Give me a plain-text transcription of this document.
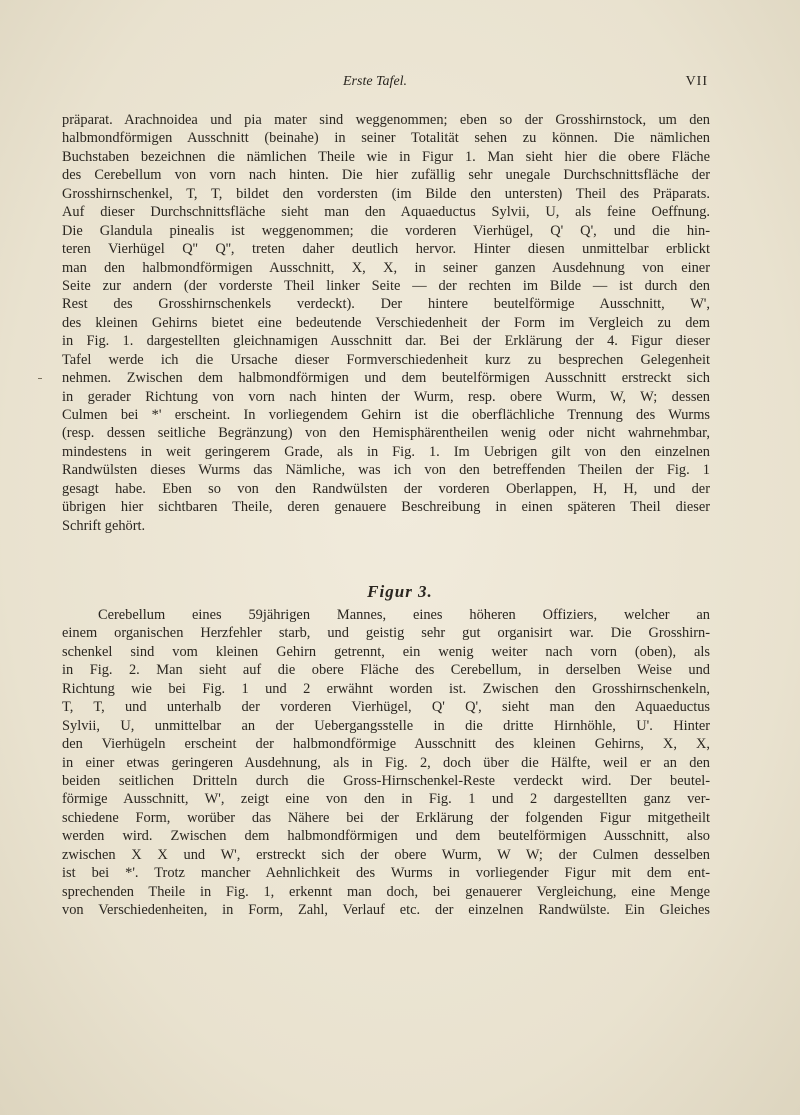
Erste Tafel.	VII
präparat. Arachnoidea und pia mater sind weggenommen; eben so der Grosshirnstock, um den
halbmondförmigen Ausschnitt (beinahe) in seiner Totalität sehen zu können. Die nämlichen
Buchstaben bezeichnen die nämlichen Theile wie in Figur 1. Man sieht hier die obere Fläche
des Cerebellum von vorn nach hinten. Die hier zufällig sehr unegale Durchschnittsfläche der
Grosshirnschenkel, T, T, bildet den vordersten (im Bilde den untersten) Theil des Präparats.
Auf dieser Durchschnittsfläche sieht man den Aquaeductus Sylvii, U, als feine Oeffnung.
Die Glandula pinealis ist weggenommen; die vorderen Vierhügel, Q' Q', und die hin-
teren Vierhügel Q'' Q'', treten daher deutlich hervor. Hinter diesen unmittelbar erblickt
man den halbmondförmigen Ausschnitt, X, X, in seiner ganzen Ausdehnung von einer
Seite zur andern (der vorderste Theil linker Seite — der rechten im Bilde — ist durch den
Rest des Grosshirnschenkels verdeckt). Der hintere beutelförmige Ausschnitt, W',
des kleinen Gehirns bietet eine bedeutende Verschiedenheit der Form im Vergleich zu dem
in Fig. 1. dargestellten gleichnamigen Ausschnitt dar. Bei der Erklärung der 4. Figur dieser
Tafel werde ich die Ursache dieser Formverschiedenheit kurz zu besprechen Gelegenheit
nehmen. Zwischen dem halbmondförmigen und dem beutelförmigen Ausschnitt erstreckt sich
in gerader Richtung von vorn nach hinten der Wurm, resp. obere Wurm, W, W; dessen
Culmen bei *' erscheint. In vorliegendem Gehirn ist die oberflächliche Trennung des Wurms
(resp. dessen seitliche Begränzung) von den Hemisphärentheilen wenig oder nicht wahrnehmbar,
mindestens in weit geringerem Grade, als in Fig. 1. Im Uebrigen gilt von den einzelnen
Randwülsten dieses Wurms das Nämliche, was ich von den betreffenden Theilen der Fig. 1
gesagt habe. Eben so von den Randwülsten der vorderen Oberlappen, H, H, und der
übrigen hier sichtbaren Theile, deren genauere Beschreibung in einen späteren Theil dieser
Schrift gehört.
Figur 3.
Cerebellum eines 59jährigen Mannes, eines höheren Offiziers, welcher an
einem organischen Herzfehler starb, und geistig sehr gut organisirt war. Die Grosshirn-
schenkel sind vom kleinen Gehirn getrennt, ein wenig weiter nach vorn (oben), als
in Fig. 2. Man sieht auf die obere Fläche des Cerebellum, in derselben Weise und
Richtung wie bei Fig. 1 und 2 erwähnt worden ist. Zwischen den Grosshirnschenkeln,
T, T, und unterhalb der vorderen Vierhügel, Q' Q', sieht man den Aquaeductus
Sylvii, U, unmittelbar an der Uebergangsstelle in die dritte Hirnhöhle, U'. Hinter
den Vierhügeln erscheint der halbmondförmige Ausschnitt des kleinen Gehirns, X, X,
in einer etwas geringeren Ausdehnung, als in Fig. 2, doch über die Hälfte, weil er an den
beiden seitlichen Dritteln durch die Gross-Hirnschenkel-Reste verdeckt wird. Der beutel-
förmige Ausschnitt, W', zeigt eine von den in Fig. 1 und 2 dargestellten ganz ver-
schiedene Form, worüber das Nähere bei der Erklärung der folgenden Figur mitgetheilt
werden wird. Zwischen dem halbmondförmigen und dem beutelförmigen Ausschnitt, also
zwischen X X und W', erstreckt sich der obere Wurm, W W; der Culmen desselben
ist bei *'. Trotz mancher Aehnlichkeit des Wurms in vorliegender Figur mit dem ent-
sprechenden Theile in Fig. 1, erkennt man doch, bei genauerer Vergleichung, eine Menge
von Verschiedenheiten, in Form, Zahl, Verlauf etc. der einzelnen Randwülste. Ein Gleiches
